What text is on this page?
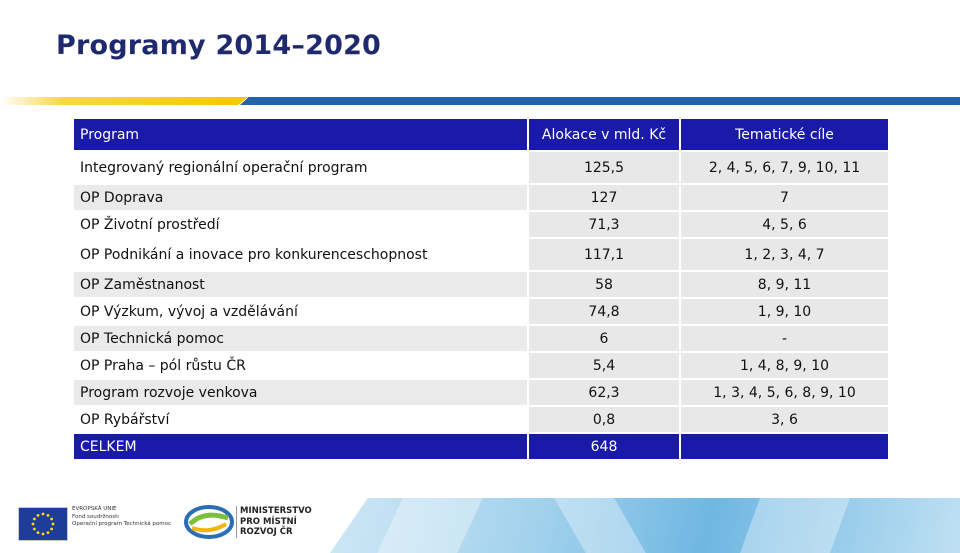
Programy 2014–2020
Program	Alokace v mld. Kč	Tematické cíle
Integrovaný regionální operační program	125,5	2, 4, 5, 6, 7, 9, 10, 11
OP Doprava	127	7
OP Životní prostředí	71,3	4, 5, 6
OP Podnikání a inovace pro konkurenceschopnost	117,1	1, 2, 3, 4, 7
OP Zaměstnanost	58	8, 9, 11
OP Výzkum, vývoj a vzdělávání	74,8	1, 9, 10
OP Technická pomoc	6	-
OP Praha – pól růstu ČR	5,4	1, 4, 8, 9, 10
Program rozvoje venkova	62,3	1, 3, 4, 5, 6, 8, 9, 10
OP Rybářství	0,8	3, 6
CELKEM	648	
EVROPSKÁ UNIE
Fond soudržnosti
Operační program Technická pomoc
MINISTERSTVO
PRO MÍSTNÍ
ROZVOJ ČR
